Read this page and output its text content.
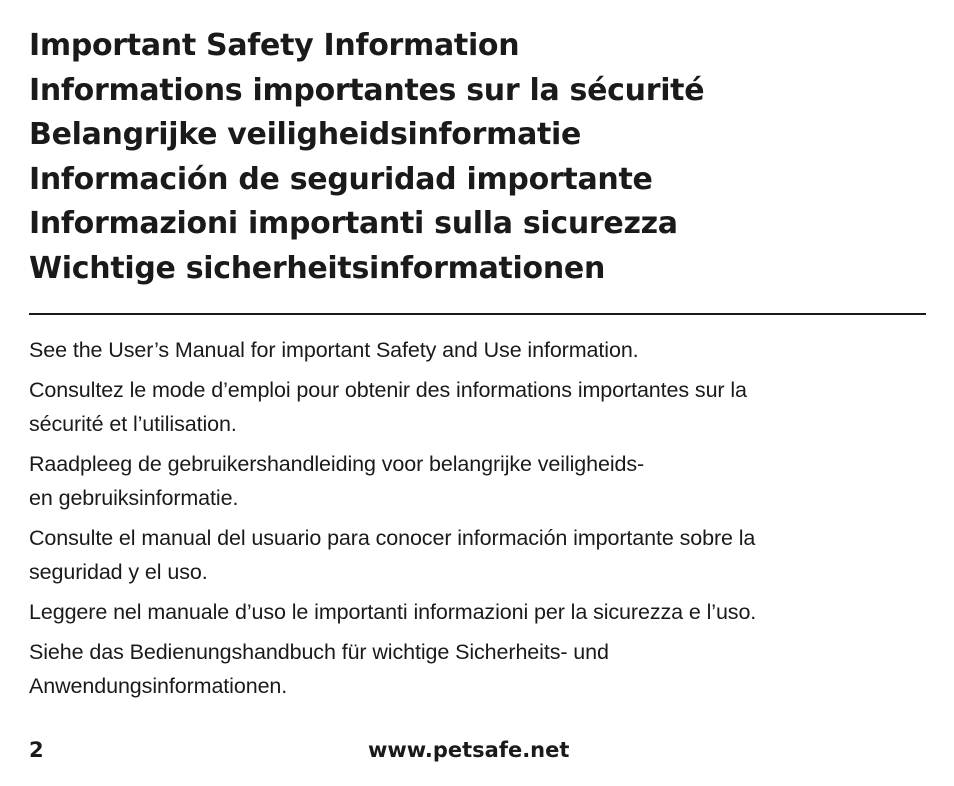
Important Safety Information
Informations importantes sur la sécurité
Belangrijke veiligheidsinformatie
Información de seguridad importante
Informazioni importanti sulla sicurezza
Wichtige sicherheitsinformationen

See the User’s Manual for important Safety and Use information.

Consultez le mode d’emploi pour obtenir des informations importantes sur la
sécurité et l’utilisation.

Raadpleeg de gebruikershandleiding voor belangrijke veiligheids-
en gebruiksinformatie.

Consulte el manual del usuario para conocer información importante sobre la
seguridad y el uso.

Leggere nel manuale d’uso le importanti informazioni per la sicurezza e l’uso.

Siehe das Bedienungshandbuch für wichtige Sicherheits- und
Anwendungsinformationen.

2	www.petsafe.net
